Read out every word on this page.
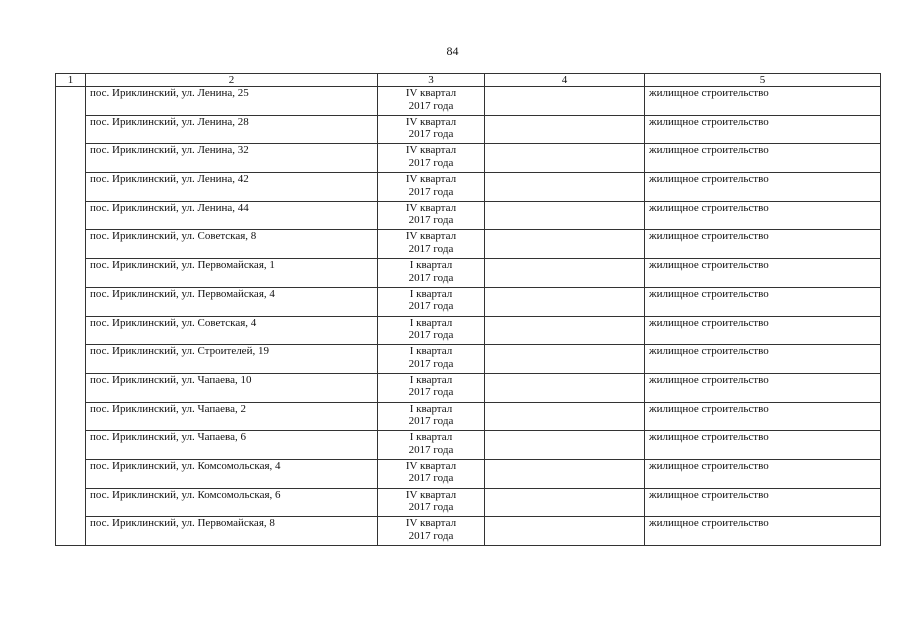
84
1	2	3	4	5
	пос. Ириклинский, ул. Ленина, 25	IV квартал
2017 года		жилищное строительство
	пос. Ириклинский, ул. Ленина, 28	IV квартал
2017 года		жилищное строительство
	пос. Ириклинский, ул. Ленина, 32	IV квартал
2017 года		жилищное строительство
	пос. Ириклинский, ул. Ленина, 42	IV квартал
2017 года		жилищное строительство
	пос. Ириклинский, ул. Ленина, 44	IV квартал
2017 года		жилищное строительство
	пос. Ириклинский, ул. Советская, 8	IV квартал
2017 года		жилищное строительство
	пос. Ириклинский, ул. Первомайская, 1	I квартал
2017 года		жилищное строительство
	пос. Ириклинский, ул. Первомайская, 4	I квартал
2017 года		жилищное строительство
	пос. Ириклинский, ул. Советская, 4	I квартал
2017 года		жилищное строительство
	пос. Ириклинский, ул. Строителей, 19	I квартал
2017 года		жилищное строительство
	пос. Ириклинский, ул. Чапаева, 10	I квартал
2017 года		жилищное строительство
	пос. Ириклинский, ул. Чапаева, 2	I квартал
2017 года		жилищное строительство
	пос. Ириклинский, ул. Чапаева, 6	I квартал
2017 года		жилищное строительство
	пос. Ириклинский, ул. Комсомольская, 4	IV квартал
2017 года		жилищное строительство
	пос. Ириклинский, ул. Комсомольская, 6	IV квартал
2017 года		жилищное строительство
	пос. Ириклинский, ул. Первомайская, 8	IV квартал
2017 года		жилищное строительство
